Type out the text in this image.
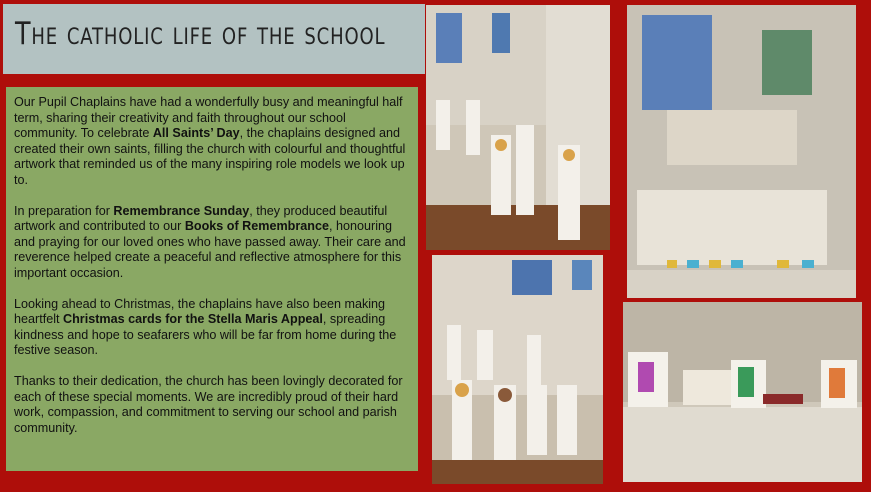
The catholic life of the school

Our Pupil Chaplains have had a wonderfully busy and meaningful half term, sharing their creativity and faith throughout our school community. To celebrate All Saints’ Day, the chaplains designed and created their own saints, filling the church with colourful and thoughtful artwork that reminded us of the many inspiring role models we look up to.

In preparation for Remembrance Sunday, they produced beautiful artwork and contributed to our Books of Remembrance, honouring and praying for our loved ones who have passed away. Their care and reverence helped create a peaceful and reflective atmosphere for this important occasion.

Looking ahead to Christmas, the chaplains have also been making heartfelt Christmas cards for the Stella Maris Appeal, spreading kindness and hope to seafarers who will be far from home during the festive season.

Thanks to their dedication, the church has been lovingly decorated for each of these special moments. We are incredibly proud of their hard work, compassion, and commitment to serving our school and parish community.
